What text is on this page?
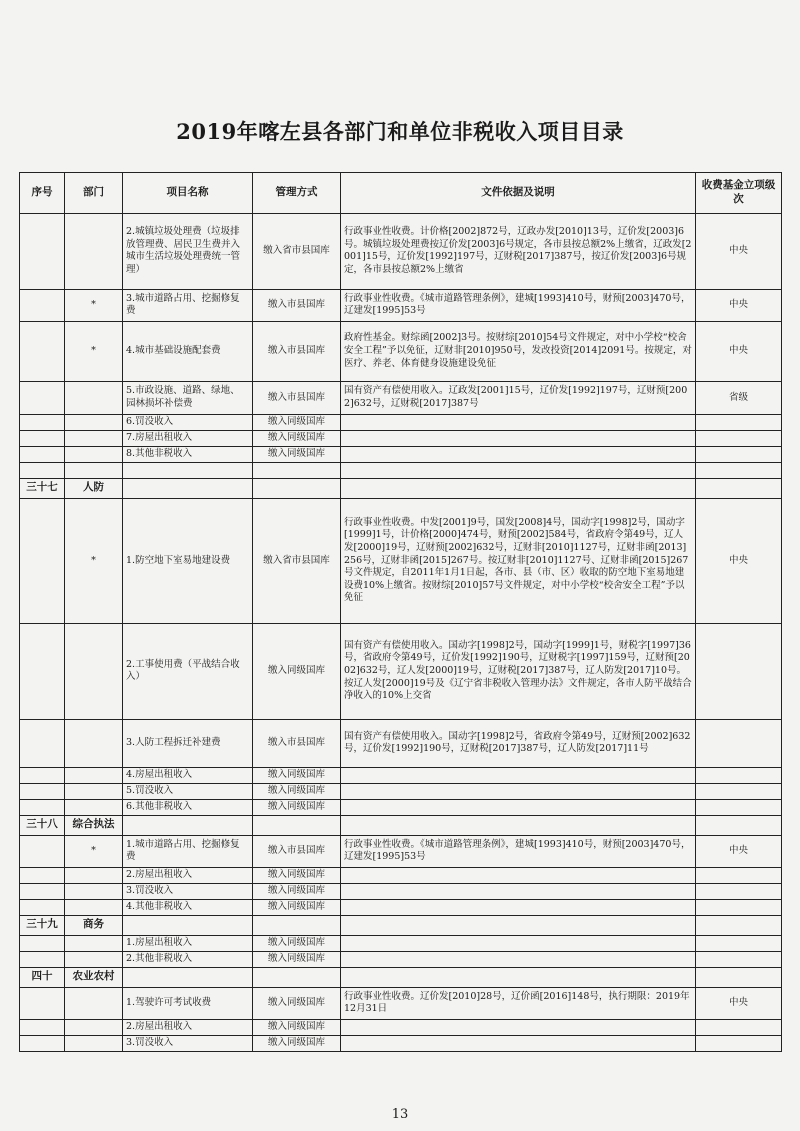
2019年喀左县各部门和单位非税收入项目目录
序号	部门	项目名称	管理方式	文件依据及说明	收费基金立项级次
		2.城镇垃圾处理费（垃圾排放管理费、居民卫生费并入城市生活垃圾处理费统一管理）	缴入省市县国库	行政事业性收费。计价格[2002]872号，辽政办发[2010]13号，辽价发[2003]6号。城镇垃圾处理费按辽价发[2003]6号规定，各市县按总额2%上缴省，辽政发[2001]15号，辽价发[1992]197号，辽财税[2017]387号，按辽价发[2003]6号规定，各市县按总额2%上缴省	中央
	*	3.城市道路占用、挖掘修复费	缴入市县国库	行政事业性收费。《城市道路管理条例》，建城[1993]410号，财预[2003]470号，辽建发[1995]53号	中央
	*	4.城市基础设施配套费	缴入市县国库	政府性基金。财综函[2002]3号。按财综[2010]54号文件规定，对中小学校“校舍安全工程”予以免征，辽财非[2010]950号，发改投资[2014]2091号。按规定，对医疗、养老、体育健身设施建设免征	中央
		5.市政设施、道路、绿地、园林损坏补偿费	缴入市县国库	国有资产有偿使用收入。辽政发[2001]15号，辽价发[1992]197号，辽财预[2002]632号，辽财税[2017]387号	省级
		6.罚没收入	缴入同级国库		
		7.房屋出租收入	缴入同级国库		
		8.其他非税收入	缴入同级国库		

三十七	人防				
	*	1.防空地下室易地建设费	缴入省市县国库	行政事业性收费。中发[2001]9号，国发[2008]4号，国动字[1998]2号，国动字[1999]1号，计价格[2000]474号，财预[2002]584号，省政府令第49号，辽人发[2000]19号，辽财预[2002]632号，辽财非[2010]1127号，辽财非函[2013]256号，辽财非函[2015]267号。按辽财非[2010]1127号、辽财非函[2015]267号文件规定，自2011年1月1日起，各市、县（市、区）收取的防空地下室易地建设费10%上缴省。按财综[2010]57号文件规定，对中小学校“校舍安全工程”予以免征	中央
		2.工事使用费（平战结合收入）	缴入同级国库	国有资产有偿使用收入。国动字[1998]2号，国动字[1999]1号，财税字[1997]36号，省政府令第49号，辽价发[1992]190号，辽财税字[1997]159号，辽财预[2002]632号，辽人发[2000]19号，辽财税[2017]387号，辽人防发[2017]10号。按辽人发[2000]19号及《辽宁省非税收入管理办法》文件规定，各市人防平战结合净收入的10%上交省	
		3.人防工程拆迁补建费	缴入市县国库	国有资产有偿使用收入。国动字[1998]2号，省政府令第49号，辽财预[2002]632号，辽价发[1992]190号，辽财税[2017]387号，辽人防发[2017]11号	
		4.房屋出租收入	缴入同级国库		
		5.罚没收入	缴入同级国库		
		6.其他非税收入	缴入同级国库		
三十八	综合执法				
	*	1.城市道路占用、挖掘修复费	缴入市县国库	行政事业性收费。《城市道路管理条例》，建城[1993]410号，财预[2003]470号，辽建发[1995]53号	中央
		2.房屋出租收入	缴入同级国库		
		3.罚没收入	缴入同级国库		
		4.其他非税收入	缴入同级国库		
三十九	商务				
		1.房屋出租收入	缴入同级国库		
		2.其他非税收入	缴入同级国库		
四十	农业农村				
		1.驾驶许可考试收费	缴入同级国库	行政事业性收费。辽价发[2010]28号，辽价函[2016]148号，执行期限：2019年12月31日	中央
		2.房屋出租收入	缴入同级国库		
		3.罚没收入	缴入同级国库		
13
